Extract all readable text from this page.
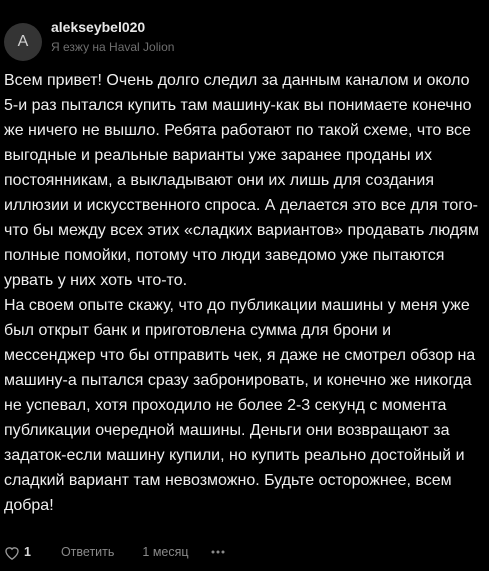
A
alekseybel020
Я езжу на Haval Jolion

Всем привет! Очень долго следил за данным каналом и около 5-и раз пытался купить там машину-как вы понимаете конечно же ничего не вышло. Ребята работают по такой схеме, что все выгодные и реальные варианты уже заранее проданы их постоянникам, а выкладывают они их лишь для создания иллюзии и искусственного спроса. А делается это все для того-что бы между всех этих «сладких вариантов» продавать людям полные помойки, потому что люди заведомо уже пытаются урвать у них хоть что-то.

На своем опыте скажу, что до публикации машины у меня уже был открыт банк и приготовлена сумма для брони и мессенджер что бы отправить чек, я даже не смотрел обзор на машину-а пытался сразу забронировать, и конечно же никогда не успевал, хотя проходило не более 2-3 секунд с момента публикации очередной машины. Деньги они возвращают за задаток-если машину купили, но купить реально достойный и сладкий вариант там невозможно. Будьте осторожнее, всем добра!

1 Ответить 1 месяц
